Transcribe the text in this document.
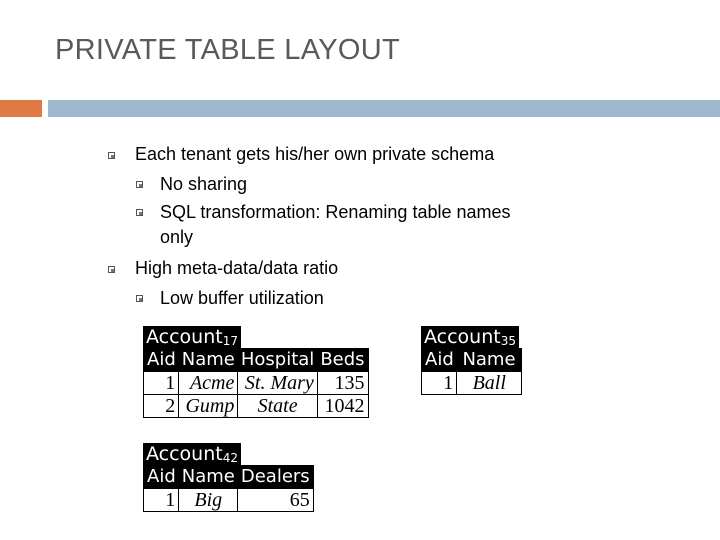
PRIVATE TABLE LAYOUT
Each tenant gets his/her own private schema
No sharing
SQL transformation: Renaming table names
only
High meta-data/data ratio
Low buffer utilization
Account$_{17}$
Aid	Name	Hospital	Beds
1	Acme	St. Mary	135
2	Gump	State	1042
Account$_{35}$
Aid	Name
1	Ball
Account$_{42}$
Aid	Name	Dealers
1	Big	65
